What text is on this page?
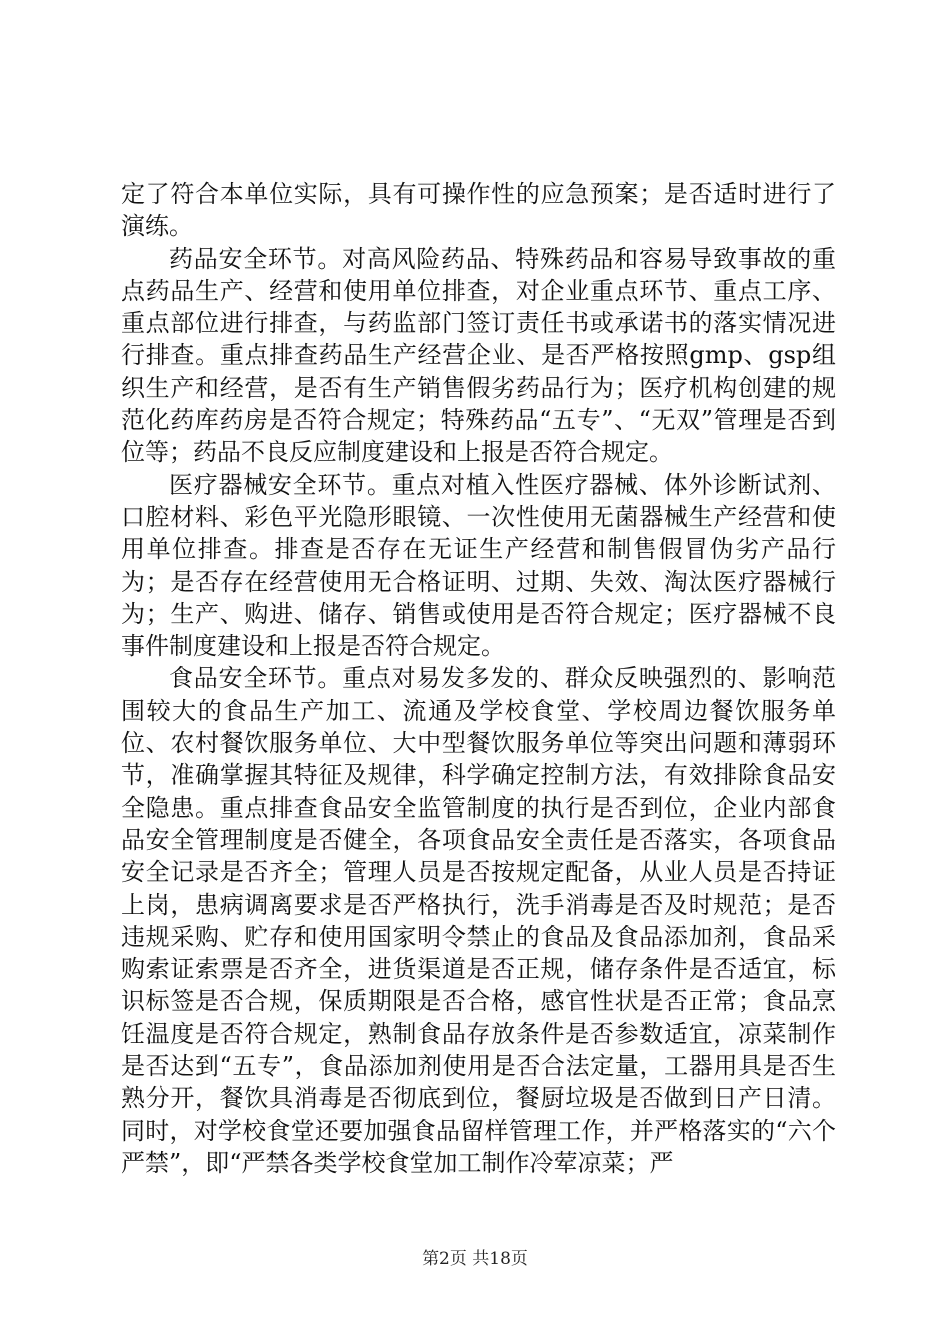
定了符合本单位实际，具有可操作性的应急预案；是否适时进行了演练。

药品安全环节。对高风险药品、特殊药品和容易导致事故的重点药品生产、经营和使用单位排查，对企业重点环节、重点工序、重点部位进行排查，与药监部门签订责任书或承诺书的落实情况进行排查。重点排查药品生产经营企业、是否严格按照gmp、gsp组织生产和经营，是否有生产销售假劣药品行为；医疗机构创建的规范化药库药房是否符合规定；特殊药品“五专”、“无双”管理是否到位等；药品不良反应制度建设和上报是否符合规定。

医疗器械安全环节。重点对植入性医疗器械、体外诊断试剂、口腔材料、彩色平光隐形眼镜、一次性使用无菌器械生产经营和使用单位排查。排查是否存在无证生产经营和制售假冒伪劣产品行为；是否存在经营使用无合格证明、过期、失效、淘汰医疗器械行为；生产、购进、储存、销售或使用是否符合规定；医疗器械不良事件制度建设和上报是否符合规定。

食品安全环节。重点对易发多发的、群众反映强烈的、影响范围较大的食品生产加工、流通及学校食堂、学校周边餐饮服务单位、农村餐饮服务单位、大中型餐饮服务单位等突出问题和薄弱环节，准确掌握其特征及规律，科学确定控制方法，有效排除食品安全隐患。重点排查食品安全监管制度的执行是否到位，企业内部食品安全管理制度是否健全，各项食品安全责任是否落实，各项食品安全记录是否齐全；管理人员是否按规定配备，从业人员是否持证上岗，患病调离要求是否严格执行，洗手消毒是否及时规范；是否违规采购、贮存和使用国家明令禁止的食品及食品添加剂，食品采购索证索票是否齐全，进货渠道是否正规，储存条件是否适宜，标识标签是否合规，保质期限是否合格，感官性状是否正常；食品烹饪温度是否符合规定，熟制食品存放条件是否参数适宜，凉菜制作是否达到“五专”，食品添加剂使用是否合法定量，工器用具是否生熟分开，餐饮具消毒是否彻底到位，餐厨垃圾是否做到日产日清。同时，对学校食堂还要加强食品留样管理工作，并严格落实的“六个严禁”，即“严禁各类学校食堂加工制作冷荤凉菜；严

第2页 共18页
